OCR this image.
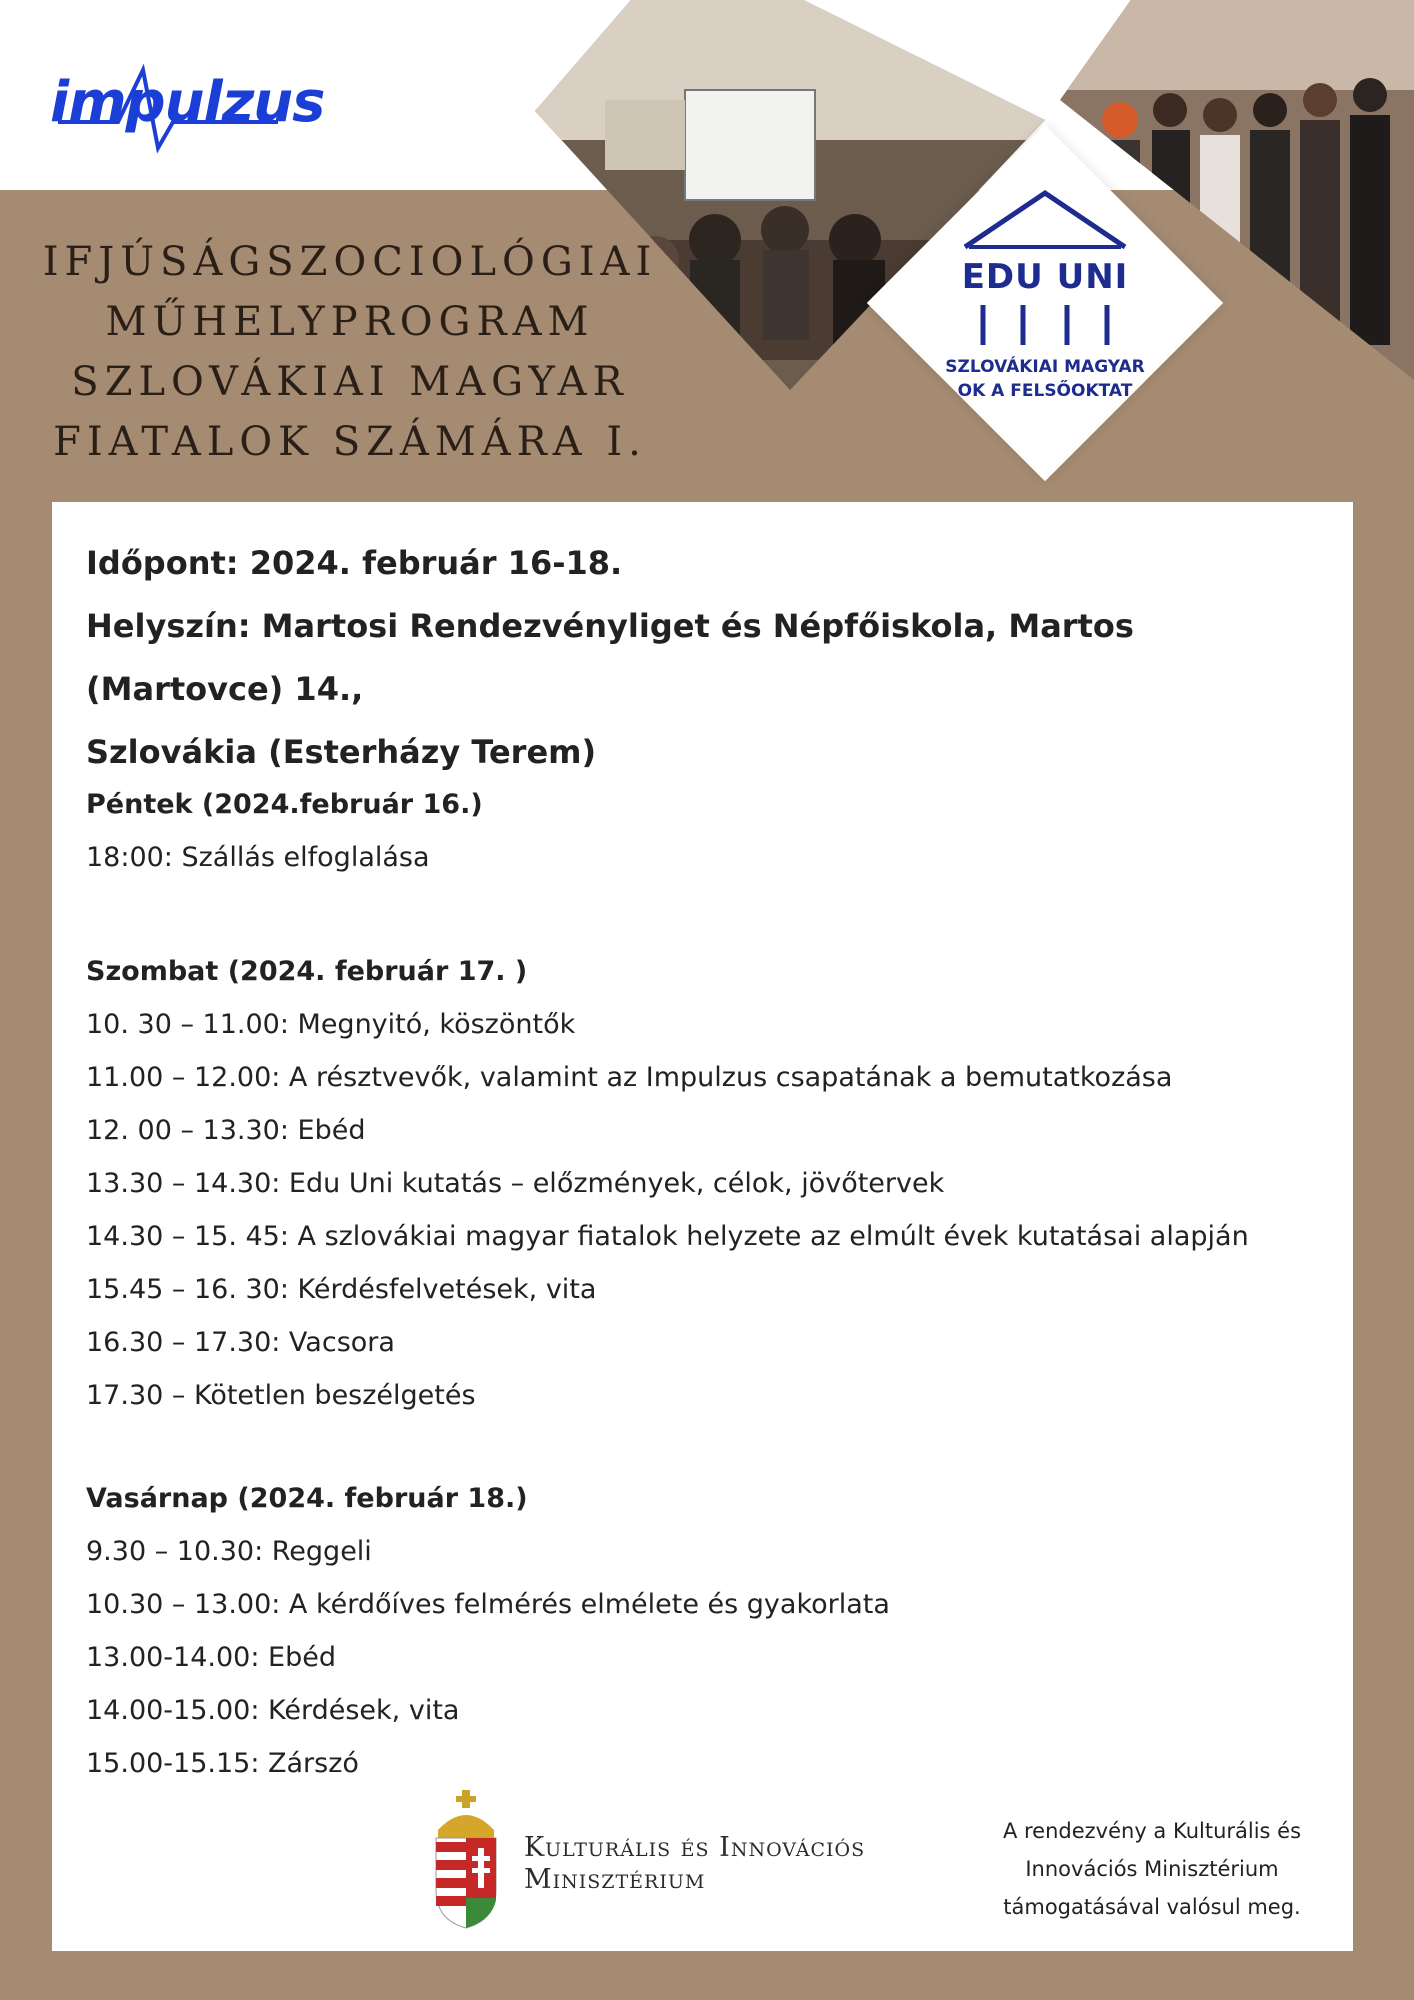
impulzus
IFJÚSÁGSZOCIOLÓGIAI
MŰHELYPROGRAM
SZLOVÁKIAI MAGYAR
FIATALOK SZÁMÁRA I.
EDU UNI
SZLOVÁKIAI MAGYAR
OK A FELSŐOKTAT
Időpont: 2024. február 16-18.
Helyszín: Martosi Rendezvényliget és Népfőiskola, Martos (Martovce) 14.,
Szlovákia (Esterházy Terem)
Péntek (2024.február 16.)
18:00: Szállás elfoglalása
Szombat (2024. február 17. )
10. 30 – 11.00: Megnyitó, köszöntők
11.00 – 12.00: A résztvevők, valamint az Impulzus csapatának a bemutatkozása
12. 00 – 13.30: Ebéd
13.30 – 14.30: Edu Uni kutatás – előzmények, célok, jövőtervek
14.30 – 15. 45: A szlovákiai magyar fiatalok helyzete az elmúlt évek kutatásai alapján
15.45 – 16. 30: Kérdésfelvetések, vita
16.30 – 17.30: Vacsora
17.30 – Kötetlen beszélgetés
Vasárnap (2024. február 18.)
9.30 – 10.30: Reggeli
10.30 – 13.00: A kérdőíves felmérés elmélete és gyakorlata
13.00-14.00: Ebéd
14.00-15.00: Kérdések, vita
15.00-15.15: Zárszó
Kulturális és Innovációs
Minisztérium
A rendezvény a Kulturális és
Innovációs Minisztérium
támogatásával valósul meg.
